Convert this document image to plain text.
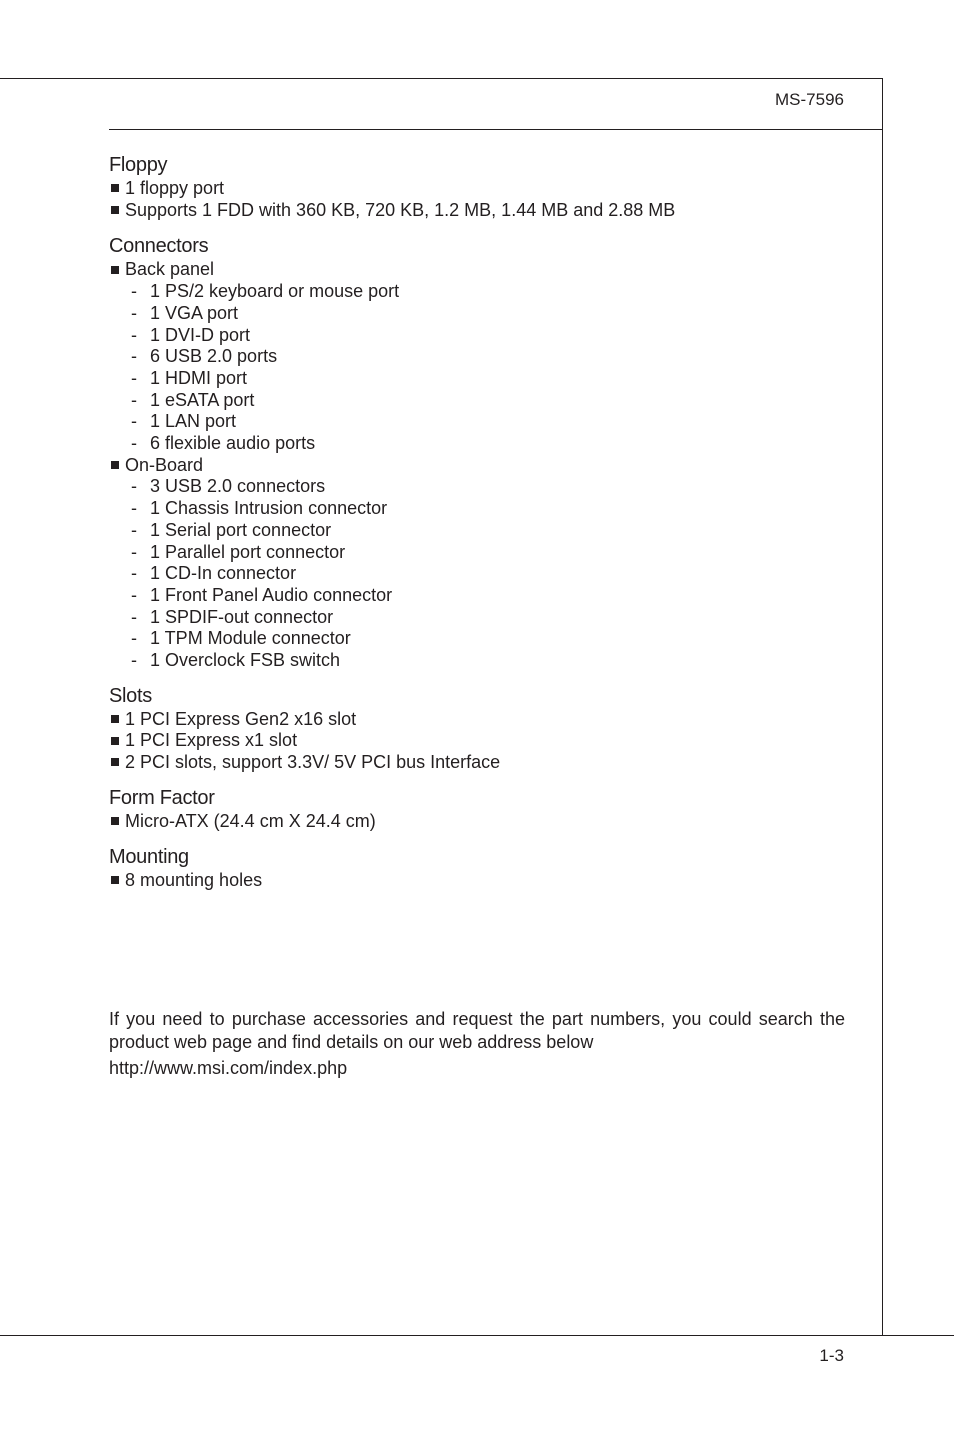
MS-7596
Floppy
1 floppy port
Supports 1 FDD with 360 KB, 720 KB, 1.2 MB, 1.44 MB and 2.88 MB
Connectors
Back panel
- 1 PS/2 keyboard or mouse port
- 1 VGA port
- 1 DVI-D port
- 6 USB 2.0 ports
- 1 HDMI port
- 1 eSATA port
- 1 LAN port
- 6 flexible audio ports
On-Board
- 3 USB 2.0 connectors
- 1 Chassis Intrusion connector
- 1 Serial port connector
- 1 Parallel port connector
- 1 CD-In connector
- 1 Front Panel Audio connector
- 1 SPDIF-out connector
- 1 TPM Module connector
- 1 Overclock FSB switch
Slots
1 PCI Express Gen2 x16 slot
1 PCI Express x1 slot
2 PCI slots, support 3.3V/ 5V PCI bus Interface
Form Factor
Micro-ATX (24.4 cm X 24.4 cm)
Mounting
8 mounting holes
If you need to purchase accessories and request the part numbers, you could search the product web page and find details on our web address below
http://www.msi.com/index.php
1-3
